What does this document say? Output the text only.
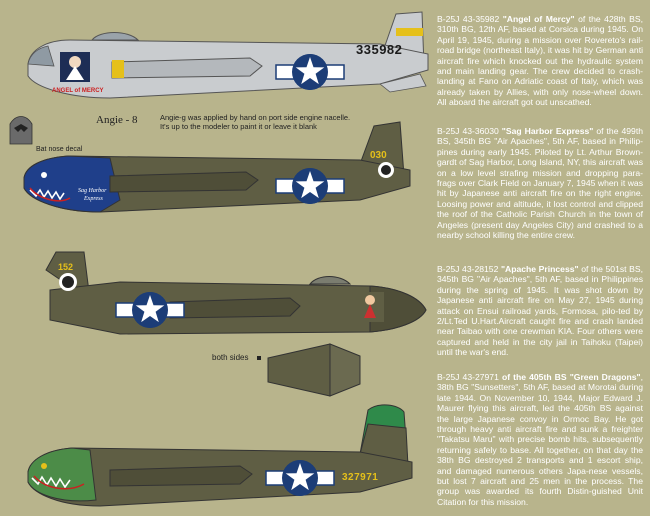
ANGEL of MERCY
Sag Harbor
Express
335982
030
152
327971
Angie - 8	Angie-g was applied by hand on port side engine nacelle.
It's up to the modeler to paint it or leave it blank
Bat nose decal
both sides
B-25J 43-35982 "Angel of Mercy" of the 428th BS, 310th BG, 12th AF, based at Corsica during 1945. On April 19, 1945, during a mission over Rovereto's rail-road bridge (northeast Italy), it was hit by German anti aircraft fire which knocked out the hydraulic system and main landing gear. The crew decided to crash-landing at Fano on Adriatic coast of Italy, which was already taken by Allies, with only nose-wheel down. All aboard the aircraft got out unscathed.
B-25J 43-36030 "Sag Harbor Express" of the 499th BS, 345th BG "Air Apaches", 5th AF, based in Philip-pines during early 1945. Piloted by Lt. Arthur Brown-gardt of Sag Harbor, Long Island, NY, this aircraft was on a low level strafing mission and dropping para-frags over Clark Field on January 7, 1945 when it was hit by Japanese anti aircraft fire on the right engine. Loosing power and altitude, it lost control and clipped the roof of the Catholic Parish Church in the town of Angeles (present day Angeles City) and crashed to a nearby school killing the entire crew.
B-25J 43-28152 "Apache Princess" of the 501st BS, 345th BG "Air Apaches", 5th AF, based in Philippines during the spring of 1945. It was shot down by Japanese anti aircraft fire on May 27, 1945 during attack on Ensui railroad yards, Formosa, pilo-ted by 2/Lt.Ted U.Hart.Aircraft caught fire and crash landed near Taibao with one crewman KIA. Four others were captured and held in the city jail in Taihoku (Taipei) until the war's end.
B-25J 43-27971 of the 405th BS "Green Dragons", 38th BG "Sunsetters", 5th AF, based at Morotai during late 1944. On November 10, 1944, Major Edward J. Maurer flying this aircraft, led the 405th BS against the large Japanese convoy in Ormoc Bay. He got through heavy anti aircraft fire and sunk a freighter "Takatsu Maru" with precise bomb hits, subsequently returning safely to base. All together, on that day the 38th BG destroyed 2 transports and 1 escort ship, and damaged numerous others Japa-nese vessels, but lost 7 aircraft and 25 men in the process. The group was awarded its fourth Distin-guished Unit Citation for this mission.
